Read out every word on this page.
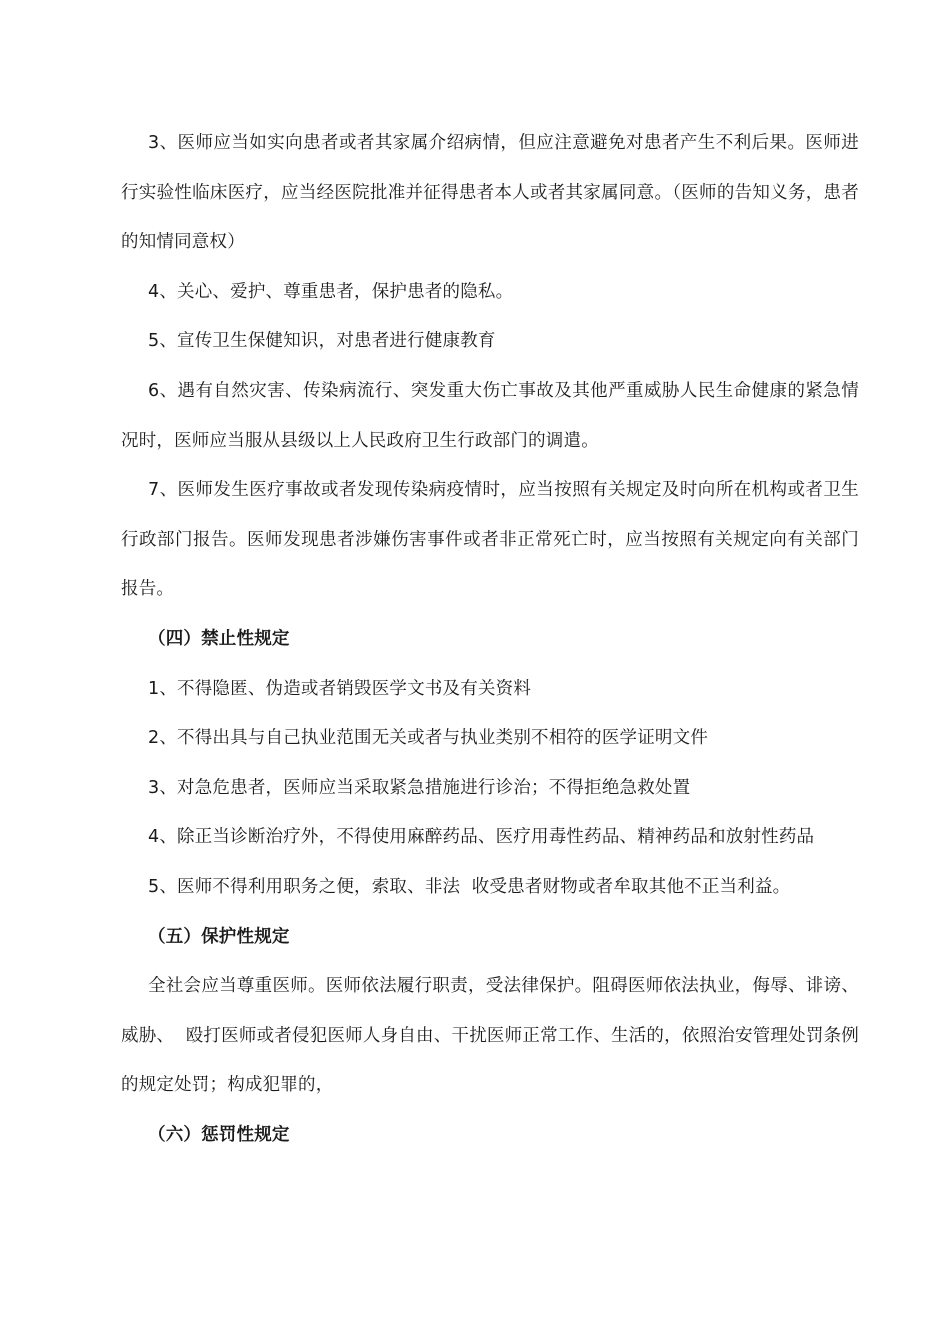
3、医师应当如实向患者或者其家属介绍病情，但应注意避免对患者产生不利后果。医师进行实验性临床医疗，应当经医院批准并征得患者本人或者其家属同意。（医师的告知义务，患者的知情同意权）

4、关心、爱护、尊重患者，保护患者的隐私。

5、宣传卫生保健知识，对患者进行健康教育

6、遇有自然灾害、传染病流行、突发重大伤亡事故及其他严重威胁人民生命健康的紧急情况时，医师应当服从县级以上人民政府卫生行政部门的调遣。

7、医师发生医疗事故或者发现传染病疫情时，应当按照有关规定及时向所在机构或者卫生行政部门报告。医师发现患者涉嫌伤害事件或者非正常死亡时，应当按照有关规定向有关部门报告。

（四）禁止性规定

1、不得隐匿、伪造或者销毁医学文书及有关资料

2、不得出具与自己执业范围无关或者与执业类别不相符的医学证明文件

3、对急危患者，医师应当采取紧急措施进行诊治；不得拒绝急救处置

4、除正当诊断治疗外，不得使用麻醉药品、医疗用毒性药品、精神药品和放射性药品

5、医师不得利用职务之便，索取、非法  收受患者财物或者牟取其他不正当利益。

（五）保护性规定

全社会应当尊重医师。医师依法履行职责，受法律保护。阻碍医师依法执业，侮辱、诽谤、威胁、  殴打医师或者侵犯医师人身自由、干扰医师正常工作、生活的，依照治安管理处罚条例的规定处罚；构成犯罪的，

（六）惩罚性规定
